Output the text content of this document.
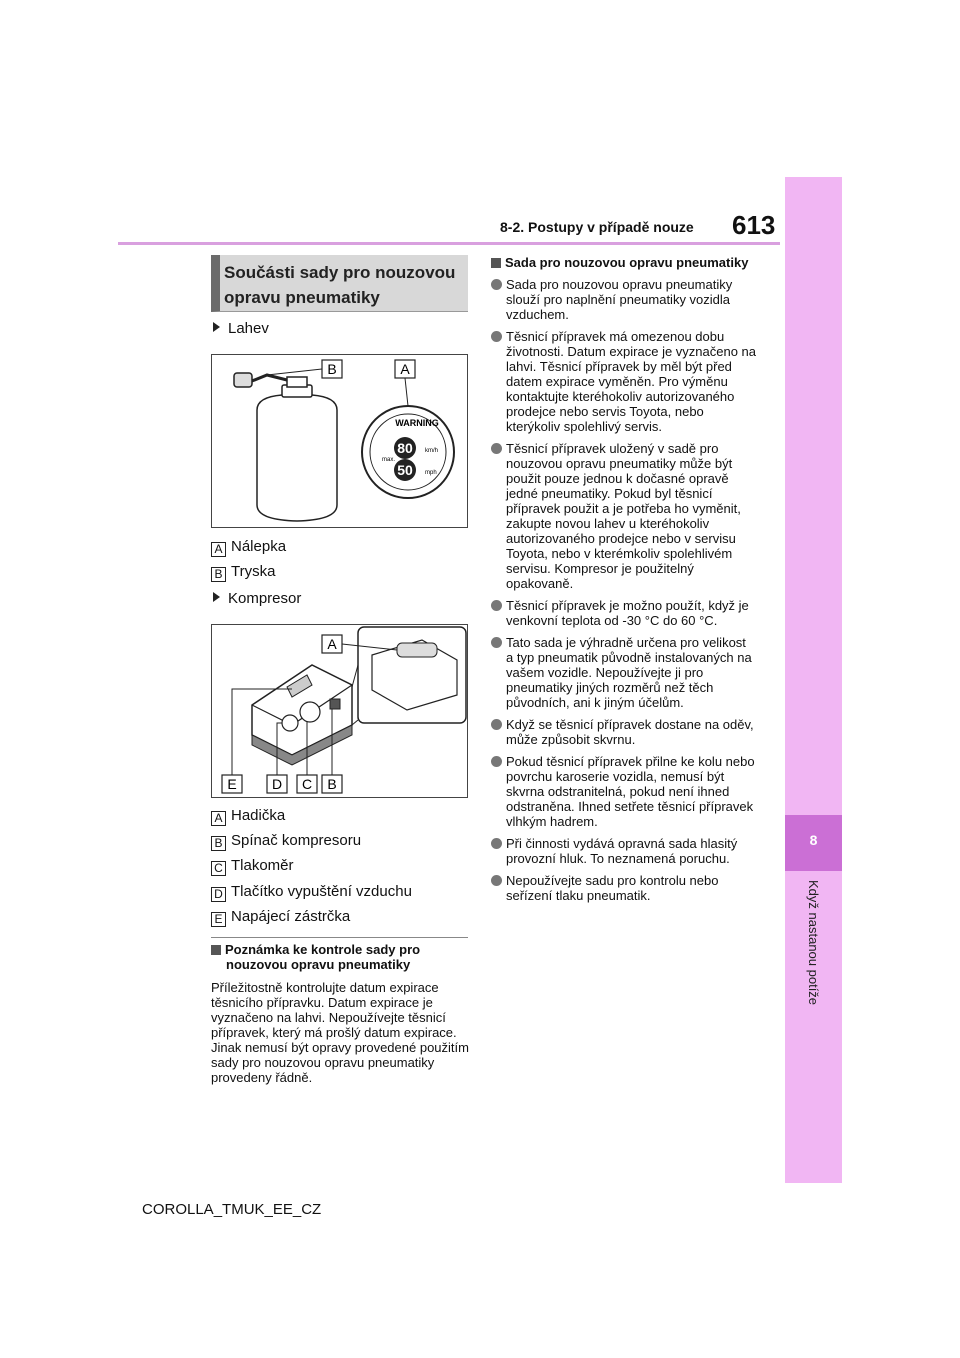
613
8-2. Postupy v případě nouze
8
Když nastanou potíže
Součásti sady pro nouzovou
opravu pneumatiky
Lahev
B	A
WARNING
80
50
km/h
mph
max.
A Nálepka
B Tryska
Kompresor
A
E	D C B
A Hadička
B Spínač kompresoru
C Tlakoměr
D Tlačítko vypuštění vzduchu
E Napájecí zástrčka
Poznámka ke kontrole sady pro nouzovou opravu pneumatiky
Příležitostně kontrolujte datum expirace těsnicího přípravku. Datum expirace je vyznačeno na lahvi. Nepoužívejte těsnicí přípravek, který má prošlý datum expirace. Jinak nemusí být opravy provedené použitím sady pro nouzovou opravu pneumatiky provedeny řádně.
Sada pro nouzovou opravu pneumatiky
Sada pro nouzovou opravu pneumatiky slouží pro naplnění pneumatiky vozidla vzduchem.
Těsnicí přípravek má omezenou dobu životnosti. Datum expirace je vyznačeno na lahvi. Těsnicí přípravek by měl být před datem expirace vyměněn. Pro výměnu kontaktujte kteréhokoliv autorizovaného prodejce nebo servis Toyota, nebo kterýkoliv spolehlivý servis.
Těsnicí přípravek uložený v sadě pro nouzovou opravu pneumatiky může být použit pouze jednou k dočasné opravě jedné pneumatiky. Pokud byl těsnicí přípravek použit a je potřeba ho vyměnit, zakupte novou lahev u kteréhokoliv autorizovaného prodejce nebo v servisu Toyota, nebo v kterémkoliv spolehlivém servisu. Kompresor je použitelný opakovaně.
Těsnicí přípravek je možno použít, když je venkovní teplota od -30 °C do 60 °C.
Tato sada je výhradně určena pro velikost a typ pneumatik původně instalovaných na vašem vozidle. Nepoužívejte ji pro pneumatiky jiných rozměrů než těch původních, ani k jiným účelům.
Když se těsnicí přípravek dostane na oděv, může způsobit skvrnu.
Pokud těsnicí přípravek přilne ke kolu nebo povrchu karoserie vozidla, nemusí být skvrna odstranitelná, pokud není ihned odstraněna. Ihned setřete těsnicí přípravek vlhkým hadrem.
Při činnosti vydává opravná sada hlasitý provozní hluk. To neznamená poruchu.
Nepoužívejte sadu pro kontrolu nebo seřízení tlaku pneumatik.
COROLLA_TMUK_EE_CZ
